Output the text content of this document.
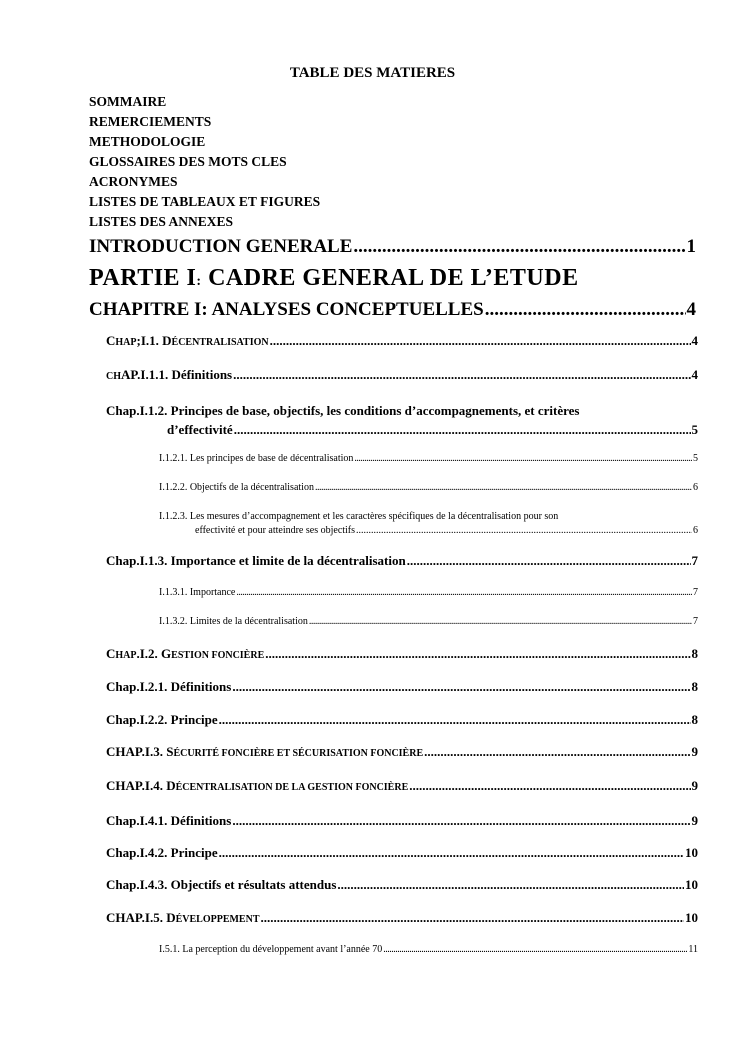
TABLE DES MATIERES
SOMMAIRE
REMERCIEMENTS
METHODOLOGIE
GLOSSAIRES DES MOTS CLES
ACRONYMES
LISTES DE TABLEAUX ET FIGURES
LISTES DES ANNEXES
INTRODUCTION GENERALE .....	1
PARTIE I: CADRE GENERAL DE L’ETUDE
CHAPITRE I: ANALYSES CONCEPTUELLES .....	4
CHAP;I.1. DÉCENTRALISATION .....	4
CHAP.I.1.1. Définitions .....	4
Chap.I.1.2. Principes de base, objectifs, les conditions d’accompagnements, et critères
d’effectivité .....	5
I.1.2.1. Les principes de base de décentralisation .....	5
I.1.2.2. Objectifs de la décentralisation .....	6
I.1.2.3. Les mesures d’accompagnement et les caractères spécifiques de la décentralisation pour son
effectivité et pour atteindre ses objectifs .....	6
Chap.I.1.3. Importance et limite de la décentralisation .....	7
I.1.3.1. Importance .....	7
I.1.3.2. Limites de la décentralisation .....	7
CHAP.I.2. GESTION FONCIÈRE .....	8
Chap.I.2.1. Définitions .....	8
Chap.I.2.2. Principe .....	8
CHAP.I.3. SÉCURITÉ FONCIÈRE ET SÉCURISATION FONCIÈRE .....	9
CHAP.I.4. DÉCENTRALISATION DE LA GESTION FONCIÈRE .....	9
Chap.I.4.1. Définitions .....	9
Chap.I.4.2. Principe .....	10
Chap.I.4.3. Objectifs et résultats attendus .....	10
CHAP.I.5. DÉVELOPPEMENT .....	10
I.5.1. La perception du développement avant l’année 70 .....	11
